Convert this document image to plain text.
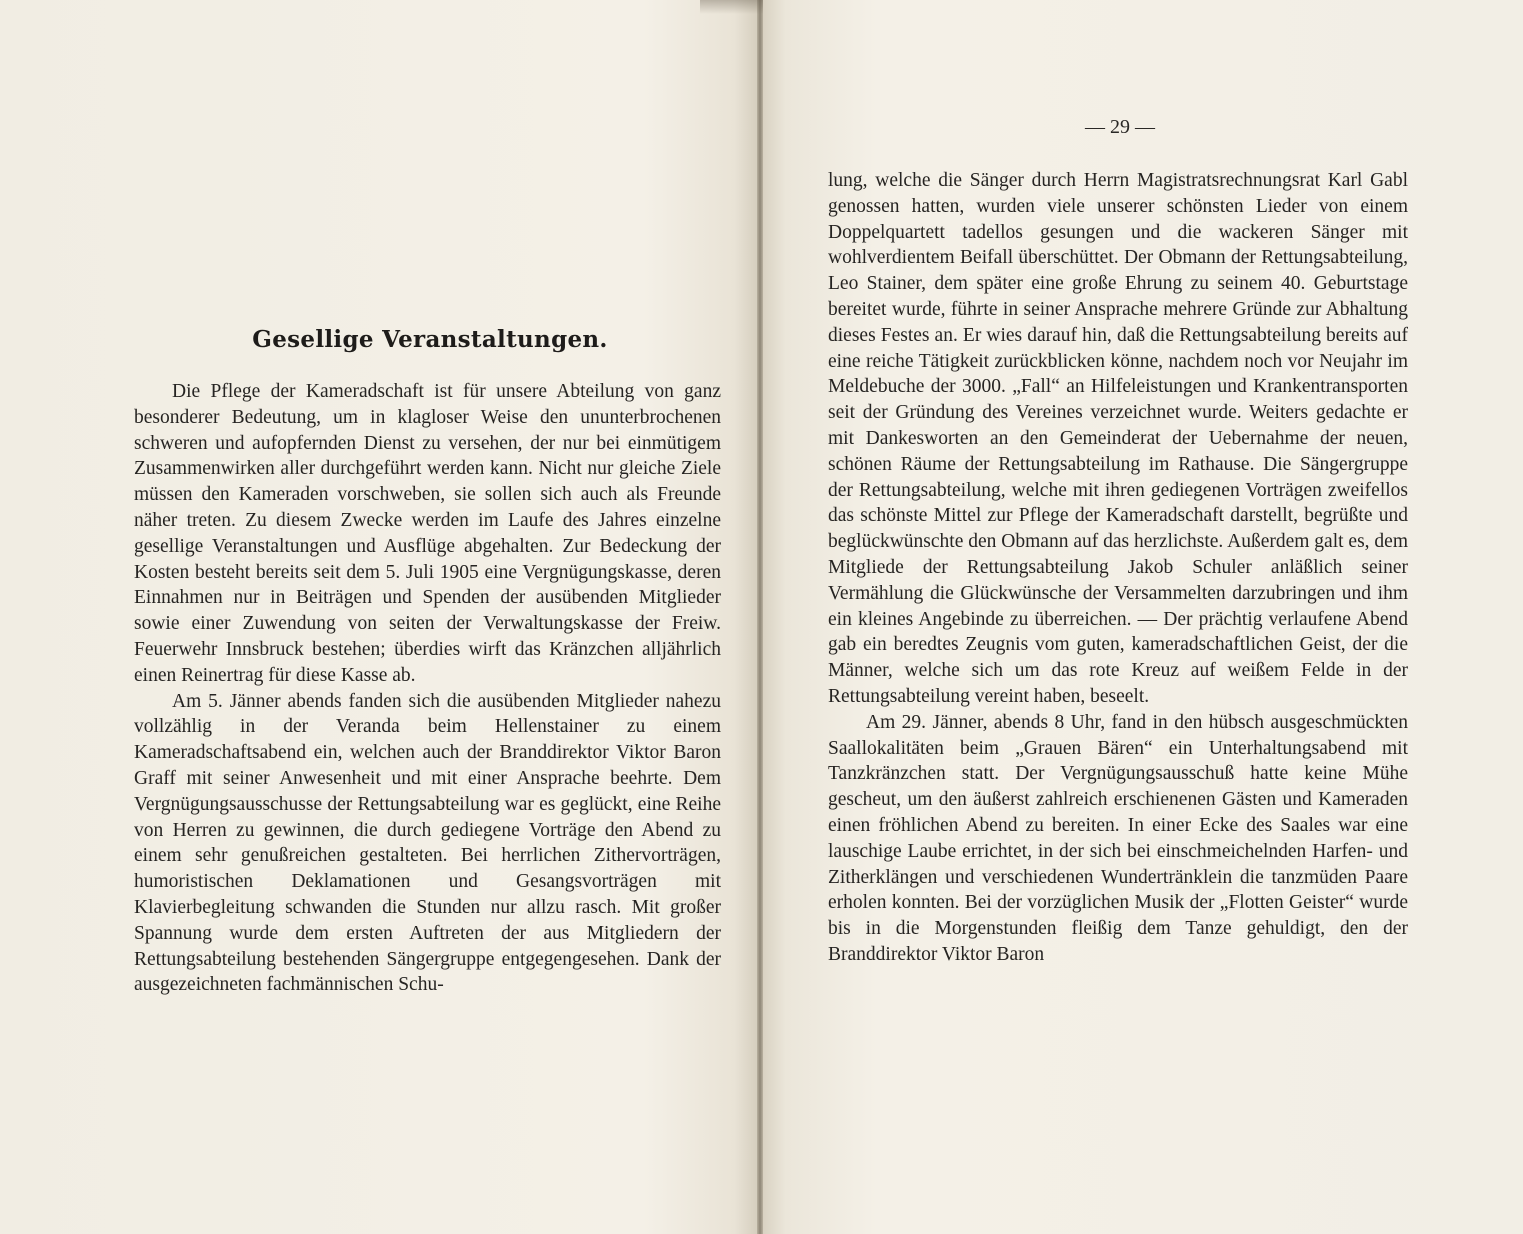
Gesellige Veranstaltungen.

Die Pflege der Kameradschaft ist für unsere Abteilung von ganz besonderer Bedeutung, um in klagloser Weise den ununterbrochenen schweren und aufopfernden Dienst zu versehen, der nur bei einmütigem Zusammenwirken aller durchgeführt werden kann. Nicht nur gleiche Ziele müssen den Kameraden vorschweben, sie sollen sich auch als Freunde näher treten. Zu diesem Zwecke werden im Laufe des Jahres einzelne gesellige Veranstaltungen und Ausflüge abgehalten. Zur Bedeckung der Kosten besteht bereits seit dem 5. Juli 1905 eine Vergnügungskasse, deren Einnahmen nur in Beiträgen und Spenden der ausübenden Mitglieder sowie einer Zuwendung von seiten der Verwaltungskasse der Freiw. Feuerwehr Innsbruck bestehen; überdies wirft das Kränzchen alljährlich einen Reinertrag für diese Kasse ab.

Am 5. Jänner abends fanden sich die ausübenden Mitglieder nahezu vollzählig in der Veranda beim Hellenstainer zu einem Kameradschaftsabend ein, welchen auch der Branddirektor Viktor Baron Graff mit seiner Anwesenheit und mit einer Ansprache beehrte. Dem Vergnügungsausschusse der Rettungsabteilung war es geglückt, eine Reihe von Herren zu gewinnen, die durch gediegene Vorträge den Abend zu einem sehr genußreichen gestalteten. Bei herrlichen Zithervorträgen, humoristischen Deklamationen und Gesangsvorträgen mit Klavierbegleitung schwanden die Stunden nur allzu rasch. Mit großer Spannung wurde dem ersten Auftreten der aus Mitgliedern der Rettungsabteilung bestehenden Sängergruppe entgegengesehen. Dank der ausgezeichneten fachmännischen Schu-

— 29 —

lung, welche die Sänger durch Herrn Magistratsrechnungsrat Karl Gabl genossen hatten, wurden viele unserer schönsten Lieder von einem Doppelquartett tadellos gesungen und die wackeren Sänger mit wohlverdientem Beifall überschüttet. Der Obmann der Rettungsabteilung, Leo Stainer, dem später eine große Ehrung zu seinem 40. Geburtstage bereitet wurde, führte in seiner Ansprache mehrere Gründe zur Abhaltung dieses Festes an. Er wies darauf hin, daß die Rettungsabteilung bereits auf eine reiche Tätigkeit zurückblicken könne, nachdem noch vor Neujahr im Meldebuche der 3000. „Fall“ an Hilfeleistungen und Krankentransporten seit der Gründung des Vereines verzeichnet wurde. Weiters gedachte er mit Dankesworten an den Gemeinderat der Uebernahme der neuen, schönen Räume der Rettungsabteilung im Rathause. Die Sängergruppe der Rettungsabteilung, welche mit ihren gediegenen Vorträgen zweifellos das schönste Mittel zur Pflege der Kameradschaft darstellt, begrüßte und beglückwünschte den Obmann auf das herzlichste. Außerdem galt es, dem Mitgliede der Rettungsabteilung Jakob Schuler anläßlich seiner Vermählung die Glückwünsche der Versammelten darzubringen und ihm ein kleines Angebinde zu überreichen. — Der prächtig verlaufene Abend gab ein beredtes Zeugnis vom guten, kameradschaftlichen Geist, der die Männer, welche sich um das rote Kreuz auf weißem Felde in der Rettungsabteilung vereint haben, beseelt.

Am 29. Jänner, abends 8 Uhr, fand in den hübsch ausgeschmückten Saallokalitäten beim „Grauen Bären“ ein Unterhaltungsabend mit Tanzkränzchen statt. Der Vergnügungsausschuß hatte keine Mühe gescheut, um den äußerst zahlreich erschienenen Gästen und Kameraden einen fröhlichen Abend zu bereiten. In einer Ecke des Saales war eine lauschige Laube errichtet, in der sich bei einschmeichelnden Harfen- und Zitherklängen und verschiedenen Wundertränklein die tanzmüden Paare erholen konnten. Bei der vorzüglichen Musik der „Flotten Geister“ wurde bis in die Morgenstunden fleißig dem Tanze gehuldigt, den der Branddirektor Viktor Baron
